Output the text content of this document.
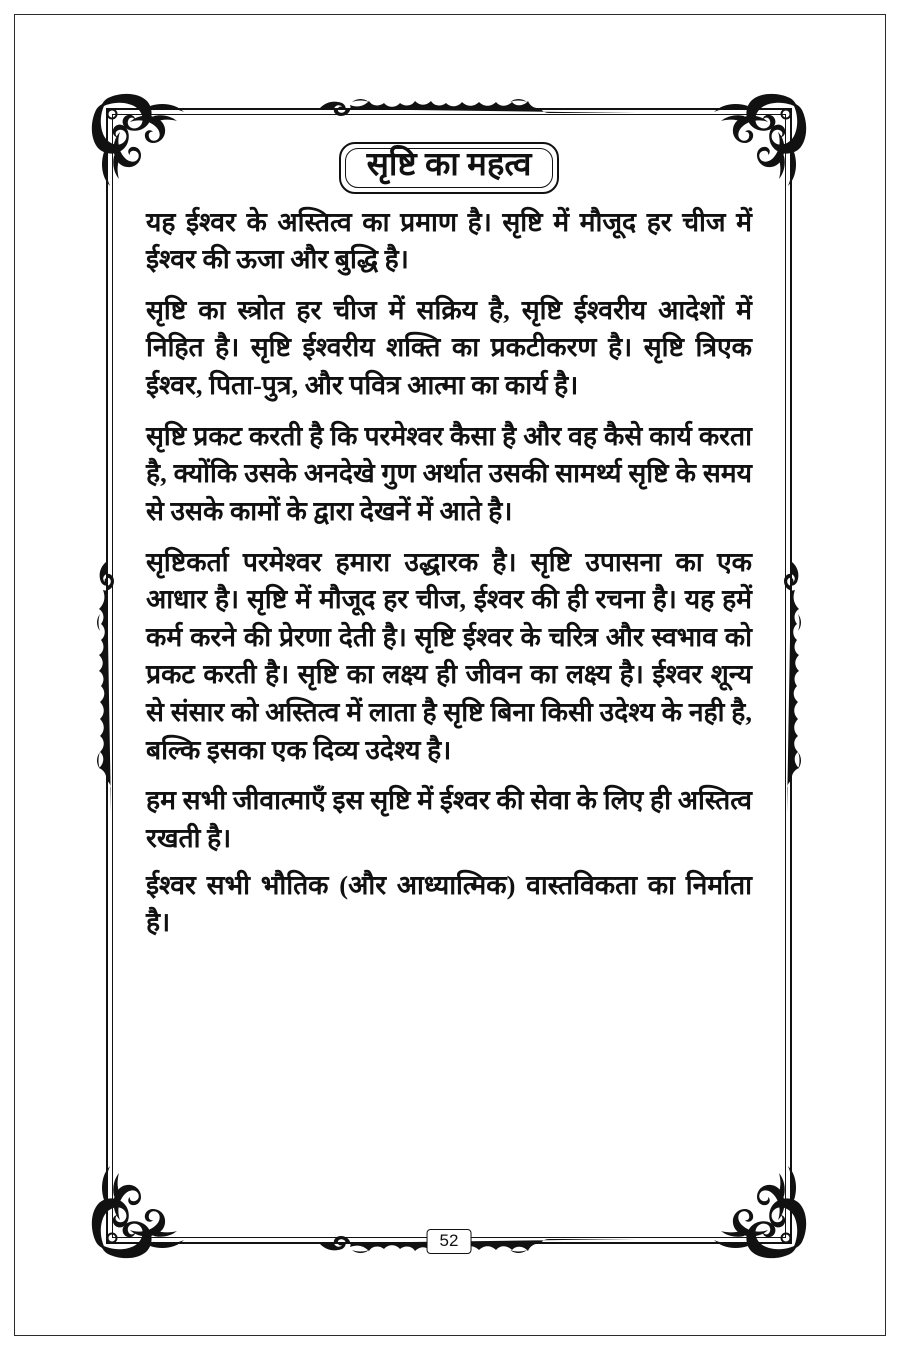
सृष्टि का महत्व

यह ईश्वर के अस्तित्व का प्रमाण है। सृष्टि में मौजूद हर चीज में ईश्वर की ऊजा और बुद्धि है।

सृष्टि का स्त्रोत हर चीज में सक्रिय है, सृष्टि ईश्वरीय आदेशों में निहित है। सृष्टि ईश्वरीय शक्ति का प्रकटीकरण है। सृष्टि त्रिएक ईश्वर, पिता-पुत्र, और पवित्र आत्मा का कार्य है।

सृष्टि प्रकट करती है कि परमेश्वर कैसा है और वह कैसे कार्य करता है, क्योंकि उसके अनदेखे गुण अर्थात उसकी सामर्थ्य सृष्टि के समय से उसके कामों के द्वारा देखनें में आते है।

सृष्टिकर्ता परमेश्वर हमारा उद्धारक है। सृष्टि उपासना का एक आधार है। सृष्टि में मौजूद हर चीज, ईश्वर की ही रचना है। यह हमें कर्म करने की प्रेरणा देती है। सृष्टि ईश्वर के चरित्र और स्वभाव को प्रकट करती है। सृष्टि का लक्ष्य ही जीवन का लक्ष्य है। ईश्वर शून्य से संसार को अस्तित्व में लाता है सृष्टि बिना किसी उदेश्य के नही है, बल्कि इसका एक दिव्य उदेश्य है।

हम सभी जीवात्माएँ इस सृष्टि में ईश्वर की सेवा के लिए ही अस्तित्व रखती है।

ईश्वर सभी भौतिक (और आध्यात्मिक) वास्तविकता का निर्माता है।

52
